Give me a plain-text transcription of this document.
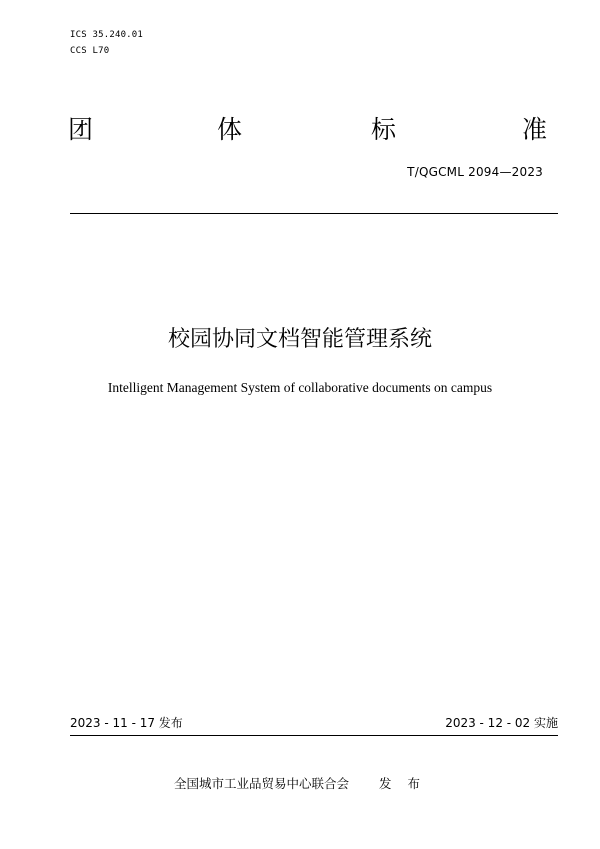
ICS 35.240.01
CCS L70
团	体	标	准
T/QGCML 2094—2023
校园协同文档智能管理系统
Intelligent Management System of collaborative documents on campus
2023 - 11 - 17 发布	2023 - 12 - 02 实施
全国城市工业品贸易中心联合会 发 布
